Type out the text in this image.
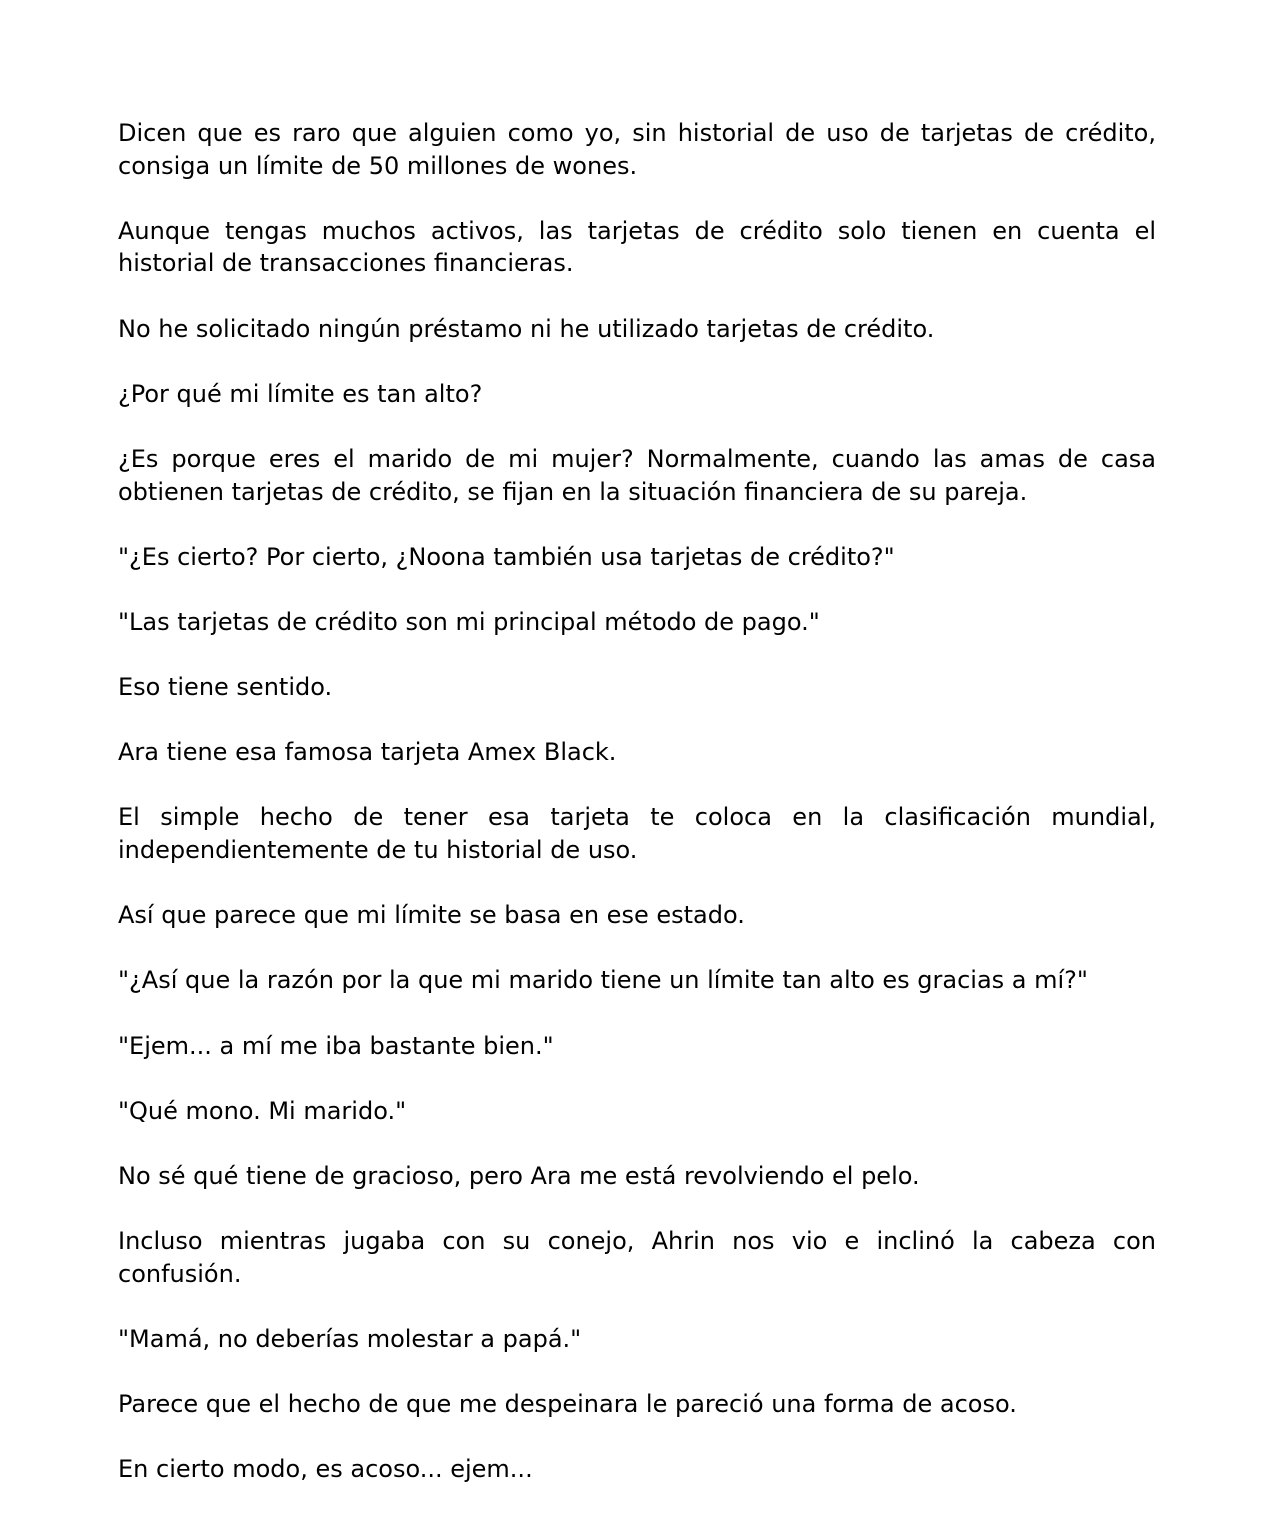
Dicen que es raro que alguien como yo, sin historial de uso de tarjetas de crédito, consiga un límite de 50 millones de wones.

Aunque tengas muchos activos, las tarjetas de crédito solo tienen en cuenta el historial de transacciones financieras.

No he solicitado ningún préstamo ni he utilizado tarjetas de crédito.

¿Por qué mi límite es tan alto?

¿Es porque eres el marido de mi mujer? Normalmente, cuando las amas de casa obtienen tarjetas de crédito, se fijan en la situación financiera de su pareja.

"¿Es cierto? Por cierto, ¿Noona también usa tarjetas de crédito?"

"Las tarjetas de crédito son mi principal método de pago."

Eso tiene sentido.

Ara tiene esa famosa tarjeta Amex Black.

El simple hecho de tener esa tarjeta te coloca en la clasificación mundial, independientemente de tu historial de uso.

Así que parece que mi límite se basa en ese estado.

"¿Así que la razón por la que mi marido tiene un límite tan alto es gracias a mí?"

"Ejem... a mí me iba bastante bien."

"Qué mono. Mi marido."

No sé qué tiene de gracioso, pero Ara me está revolviendo el pelo.

Incluso mientras jugaba con su conejo, Ahrin nos vio e inclinó la cabeza con confusión.

"Mamá, no deberías molestar a papá."

Parece que el hecho de que me despeinara le pareció una forma de acoso.

En cierto modo, es acoso... ejem...
